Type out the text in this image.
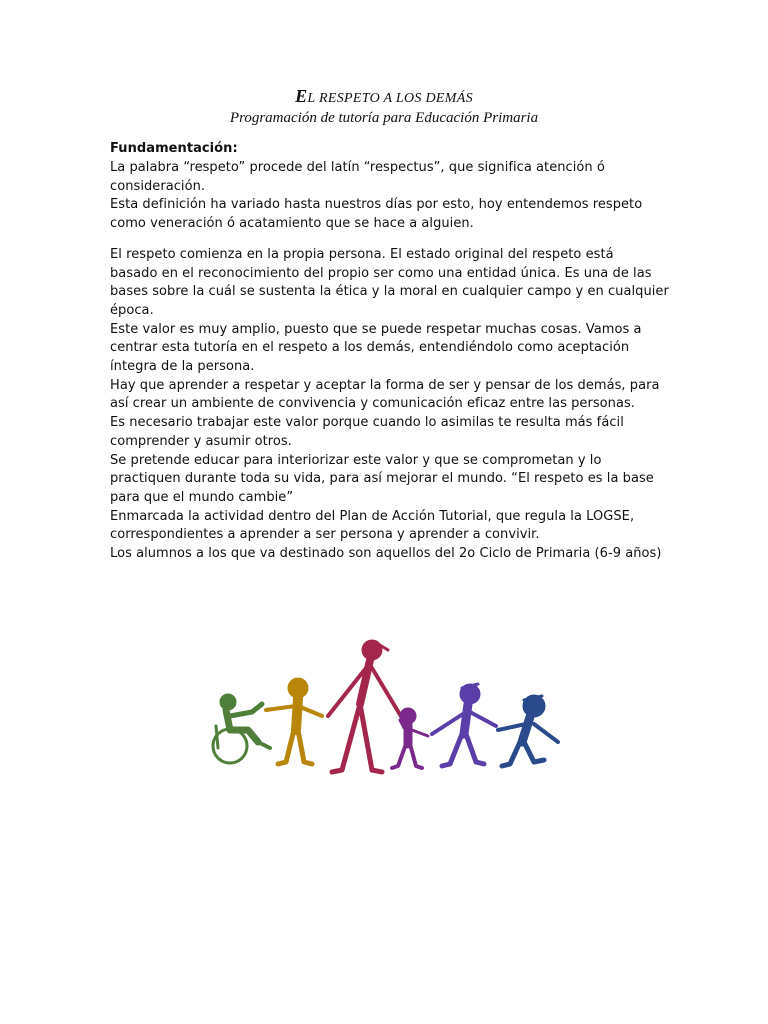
EL RESPETO A LOS DEMÁS
Programación de tutoría para Educación Primaria

Fundamentación:

La palabra “respeto” procede del latín “respectus”, que significa atención ó

consideración.

Esta definición ha variado hasta nuestros días por esto, hoy entendemos respeto

como veneración ó acatamiento que se hace a alguien.

El respeto comienza en la propia persona. El estado original del respeto está

basado en el reconocimiento del propio ser como una entidad única. Es una de las

bases sobre la cuál se sustenta la ética y la moral en cualquier campo y en cualquier

época.

Este valor es muy amplio, puesto que se puede respetar muchas cosas. Vamos a

centrar esta tutoría en el respeto a los demás, entendiéndolo como aceptación

íntegra de la persona.

Hay que aprender a respetar y aceptar la forma de ser y pensar de los demás, para

así crear un ambiente de convivencia y comunicación eficaz entre las personas.

Es necesario trabajar este valor porque cuando lo asimilas te resulta más fácil

comprender y asumir otros.

Se pretende educar para interiorizar este valor y que se comprometan y lo

practiquen durante toda su vida, para así mejorar el mundo. “El respeto es la base

para que el mundo cambie”

Enmarcada la actividad dentro del Plan de Acción Tutorial, que regula la LOGSE,

correspondientes a aprender a ser persona y aprender a convivir.

Los alumnos a los que va destinado son aquellos del 2o Ciclo de Primaria (6-9 años)
